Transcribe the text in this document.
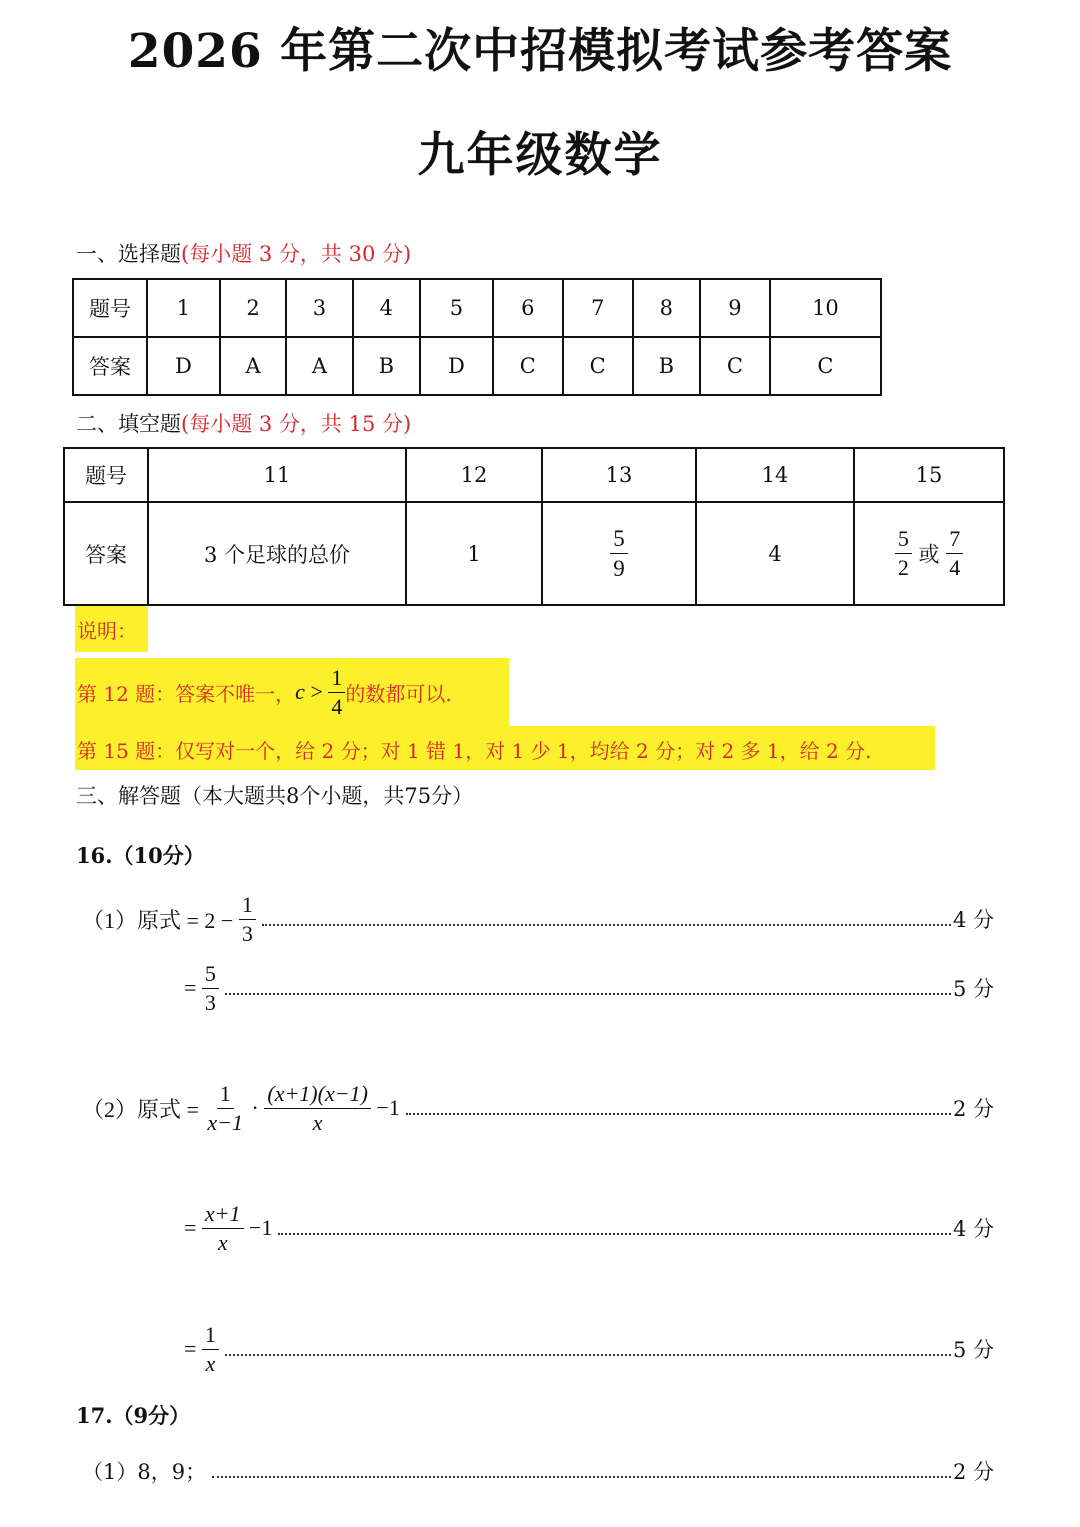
2026 年第二次中招模拟考试参考答案
九年级数学
一、选择题(每小题 3 分，共 30 分)
题号	1	2	3	4	5	6	7	8	9	10
答案	D	A	A	B	D	C	C	B	C	C
二、填空题(每小题 3 分，共 15 分)
题号	11	12	13	14	15
答案	3 个足球的总价	1	$\frac{5}{9}$	4	$\frac{5}{2}$ 或 $\frac{7}{4}$
说明：
第 12 题：答案不唯一， $c > \frac{1}{4}$ 的数都可以.
第 15 题：仅写对一个，给 2 分；对 1 错 1，对 1 少 1，均给 2 分；对 2 多 1，给 2 分.
三、解答题（本大题共8个小题，共75分）
16.（10分）
（1）原式 = $2 - \frac{1}{3}$	4 分
= $\frac{5}{3}$	5 分
（2）原式 = $\frac{1}{x-1} \cdot \frac{(x+1)(x-1)}{x} -1$	2 分
= $\frac{x+1}{x} -1$	4 分
= $\frac{1}{x}$	5 分
17.（9分）
（1）8，9；	2 分
